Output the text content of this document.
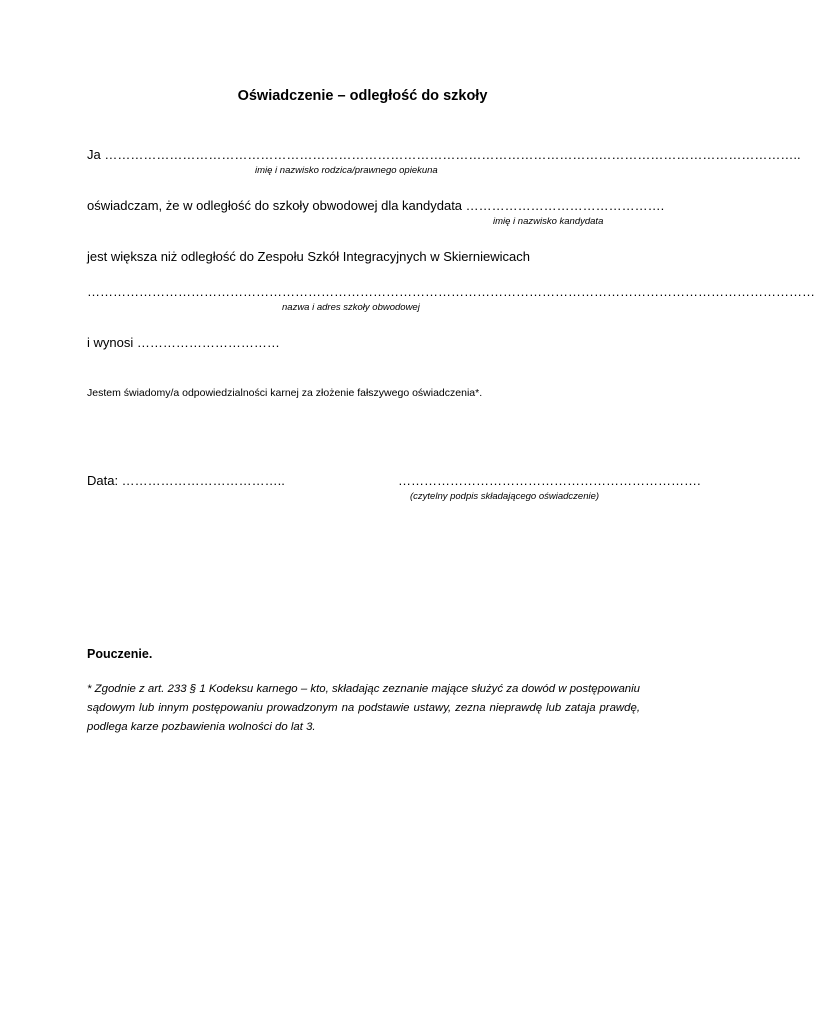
Oświadczenie – odległość do szkoły
Ja ……………………………………………………………………………………………………………………………………………..
imię i nazwisko rodzica/prawnego opiekuna
oświadczam, że w odległość do szkoły obwodowej dla kandydata ……………………………………….
imię i nazwisko kandydata
jest większa niż odległość do Zespołu Szkół Integracyjnych w Skierniewicach
……………………………………………………………………………………………………………………………………………………
nazwa i adres szkoły obwodowej
i wynosi ……………………………
Jestem świadomy/a odpowiedzialności karnej za złożenie fałszywego oświadczenia*.
Data: ………………………………..	…………………………………………………………….
(czytelny podpis składającego oświadczenie)
Pouczenie.
* Zgodnie z art. 233 § 1 Kodeksu karnego – kto, składając zeznanie mające służyć za dowód w postępowaniu sądowym lub innym postępowaniu prowadzonym na podstawie ustawy, zezna nieprawdę lub zataja prawdę, podlega karze pozbawienia wolności do lat 3.
